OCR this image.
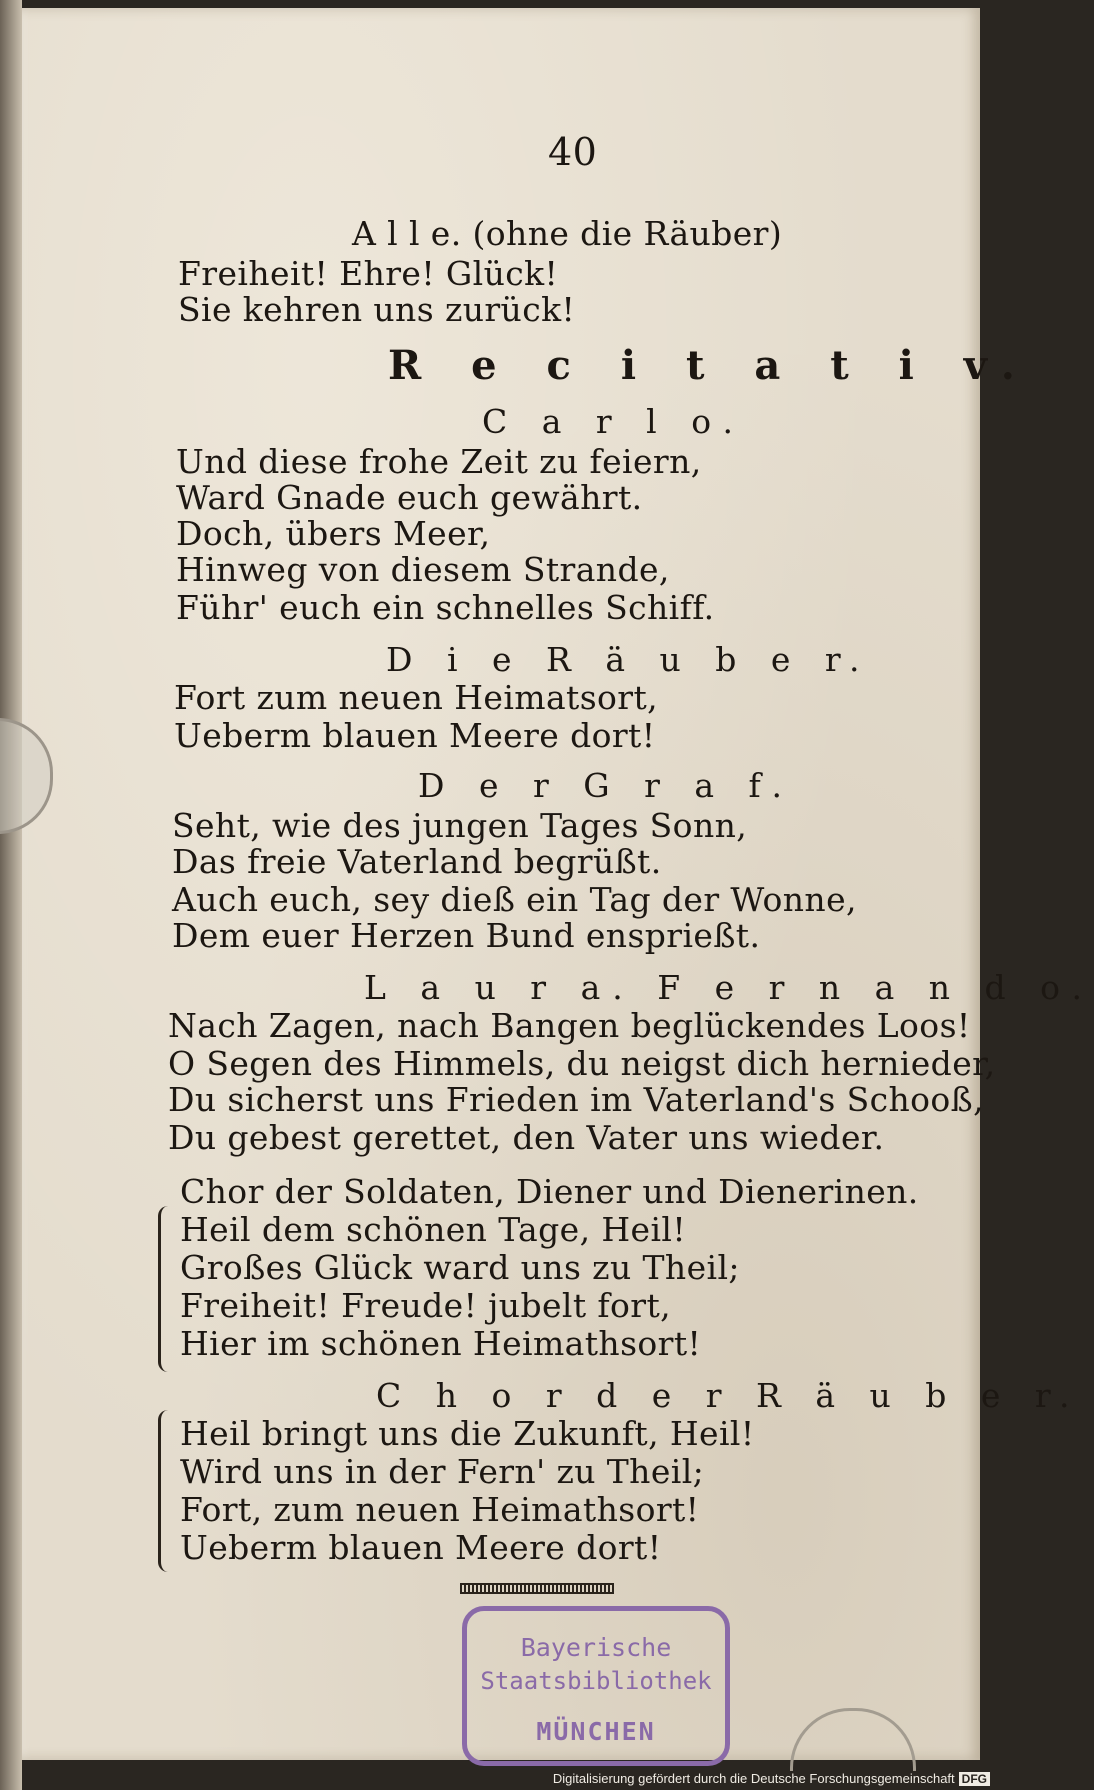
40
A l l e. (ohne die Räuber)
Freiheit! Ehre! Glück!
Sie kehren uns zurück!
R e c i t a t i v.
C a r l o.
Und diese frohe Zeit zu feiern,
Ward Gnade euch gewährt.
Doch, übers Meer,
Hinweg von diesem Strande,
Führ' euch ein schnelles Schiff.
D i e R ä u b e r.
Fort zum neuen Heimatsort,
Ueberm blauen Meere dort!
D e r G r a f.
Seht, wie des jungen Tages Sonn,
Das freie Vaterland begrüßt.
Auch euch, sey dieß ein Tag der Wonne,
Dem euer Herzen Bund enspriеßt.
L a u r a. F e r n a n d o.
Nach Zagen, nach Bangen beglückendes Loos!
O Segen des Himmels, du neigst dich hernieder,
Du sicherst uns Frieden im Vaterland's Schooß,
Du gebest gerettet, den Vater uns wieder.
Chor der Soldaten, Diener und Dienerinen.
Heil dem schönen Tage, Heil!
Großes Glück ward uns zu Theil;
Freiheit! Freude! jubelt fort,
Hier im schönen Heimathsort!
C h o r d e r R ä u b e r.
Heil bringt uns die Zukunft, Heil!
Wird uns in der Fern' zu Theil;
Fort, zum neuen Heimathsort!
Ueberm blauen Meere dort!
Bayerische
Staatsbibliothek
MÜNCHEN
Digitalisierung gefördert durch die Deutsche Forschungsgemeinschaft DFG
